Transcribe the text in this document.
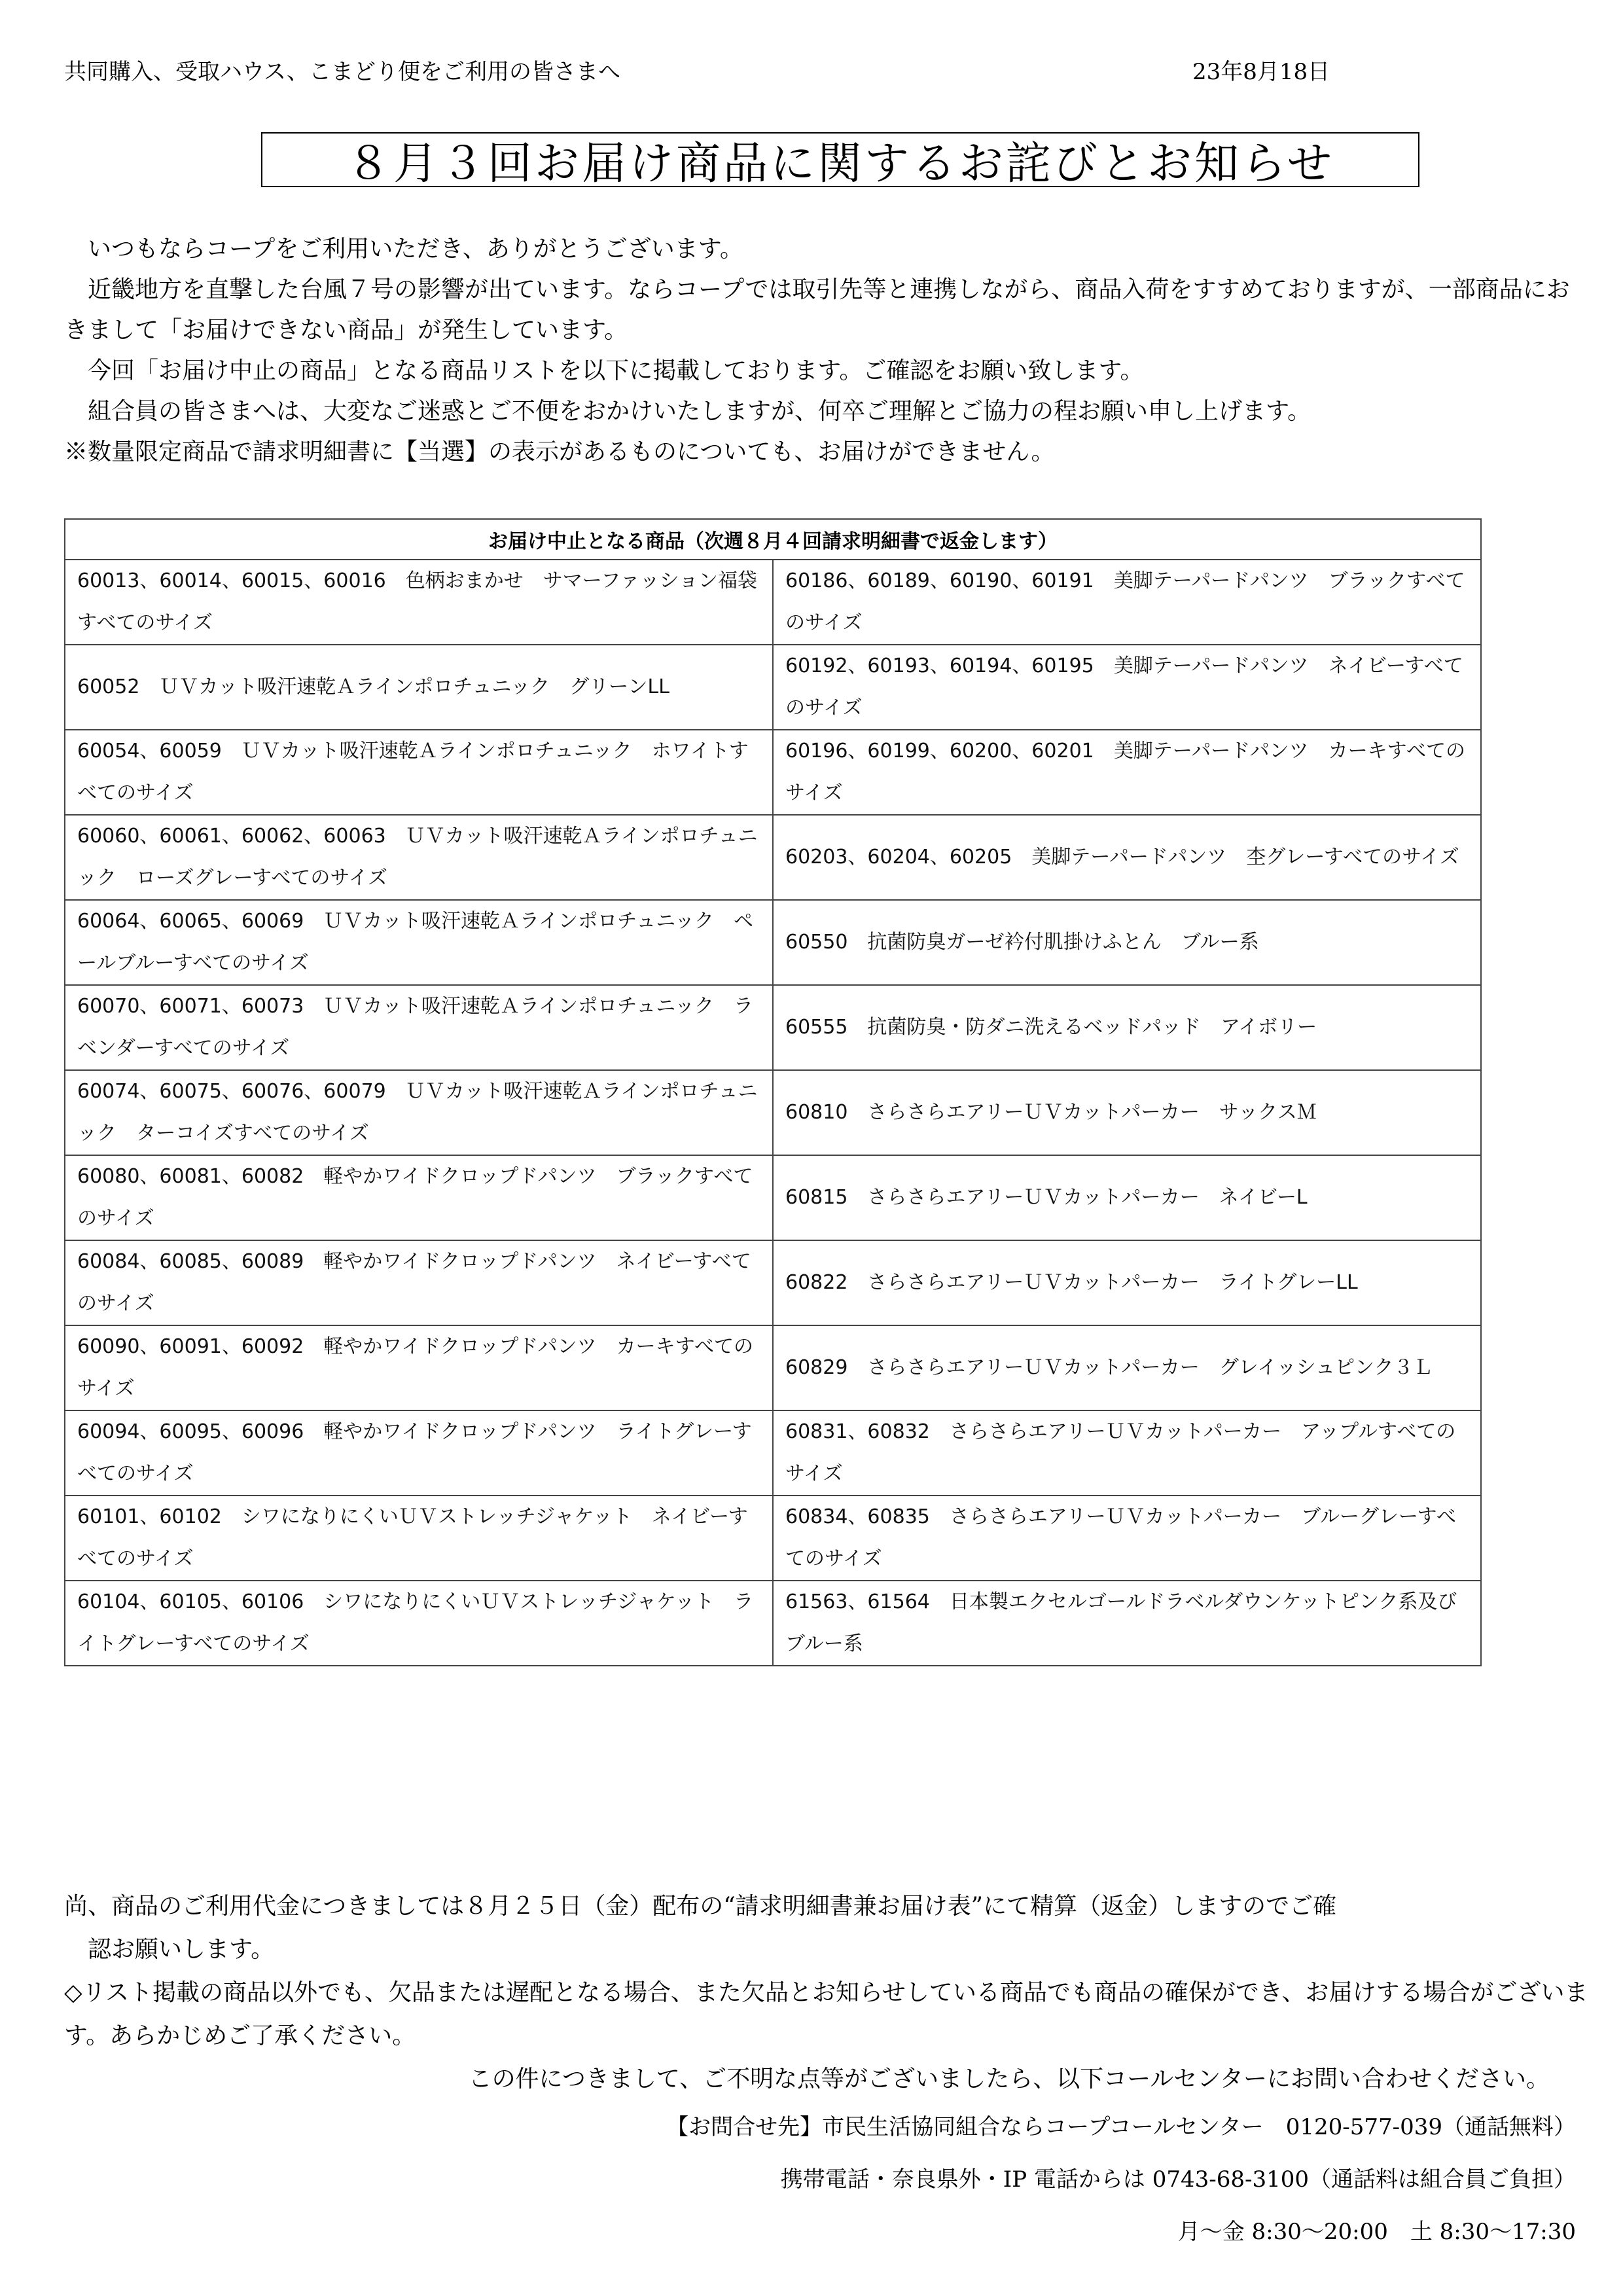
共同購入、受取ハウス、こまどり便をご利用の皆さまへ	23年8月18日
８月３回お届け商品に関するお詫びとお知らせ

いつもならコープをご利用いただき、ありがとうございます。

近畿地方を直撃した台風７号の影響が出ています。ならコープでは取引先等と連携しながら、商品入荷をすすめておりますが、一部商品におきまして「お届けできない商品」が発生しています。

今回「お届け中止の商品」となる商品リストを以下に掲載しております。ご確認をお願い致します。

組合員の皆さまへは、大変なご迷惑とご不便をおかけいたしますが、何卒ご理解とご協力の程お願い申し上げます。

※数量限定商品で請求明細書に【当選】の表示があるものについても、お届けができません。

お届け中止となる商品（次週８月４回請求明細書で返金します）	
60013、60014、60015、60016　色柄おまかせ　サマーファッション福袋　すべてのサイズ	60186、60189、60190、60191　美脚テーパードパンツ　ブラックすべてのサイズ
60052　ＵＶカット吸汗速乾Ａラインポロチュニック　グリーンLL	60192、60193、60194、60195　美脚テーパードパンツ　ネイビーすべてのサイズ
60054、60059　ＵＶカット吸汗速乾Ａラインポロチュニック　ホワイトすべてのサイズ	60196、60199、60200、60201　美脚テーパードパンツ　カーキすべてのサイズ
60060、60061、60062、60063　ＵＶカット吸汗速乾Ａラインポロチュニック　ローズグレーすべてのサイズ	60203、60204、60205　美脚テーパードパンツ　杢グレーすべてのサイズ
60064、60065、60069　ＵＶカット吸汗速乾Ａラインポロチュニック　ペールブルーすべてのサイズ	60550　抗菌防臭ガーゼ衿付肌掛けふとん　ブルー系
60070、60071、60073　ＵＶカット吸汗速乾Ａラインポロチュニック　ラベンダーすべてのサイズ	60555　抗菌防臭・防ダニ洗えるベッドパッド　アイボリー
60074、60075、60076、60079　ＵＶカット吸汗速乾Ａラインポロチュニック　ターコイズすべてのサイズ	60810　さらさらエアリーＵＶカットパーカー　サックスＭ
60080、60081、60082　軽やかワイドクロップドパンツ　ブラックすべてのサイズ	60815　さらさらエアリーＵＶカットパーカー　ネイビーL
60084、60085、60089　軽やかワイドクロップドパンツ　ネイビーすべてのサイズ	60822　さらさらエアリーＵＶカットパーカー　ライトグレーLL
60090、60091、60092　軽やかワイドクロップドパンツ　カーキすべてのサイズ	60829　さらさらエアリーＵＶカットパーカー　グレイッシュピンク３Ｌ
60094、60095、60096　軽やかワイドクロップドパンツ　ライトグレーすべてのサイズ	60831、60832　さらさらエアリーＵＶカットパーカー　アップルすべてのサイズ
60101、60102　シワになりにくいＵＶストレッチジャケット　ネイビーすべてのサイズ	60834、60835　さらさらエアリーＵＶカットパーカー　ブルーグレーすべてのサイズ
60104、60105、60106　シワになりにくいＵＶストレッチジャケット　ライトグレーすべてのサイズ	61563、61564　日本製エクセルゴールドラベルダウンケットピンク系及びブルー系

尚、商品のご利用代金につきましては８月２５日（金）配布の“請求明細書兼お届け表”にて精算（返金）しますのでご確

認お願いします。

◇リスト掲載の商品以外でも、欠品または遅配となる場合、また欠品とお知らせしている商品でも商品の確保ができ、お届けする場合がございます。あらかじめご了承ください。

この件につきまして、ご不明な点等がございましたら、以下コールセンターにお問い合わせください。

【お問合せ先】市民生活協同組合ならコープコールセンター　0120-577-039（通話無料）

携帯電話・奈良県外・IP 電話からは 0743-68-3100（通話料は組合員ご負担）

月～金 8:30～20:00　土 8:30～17:30
